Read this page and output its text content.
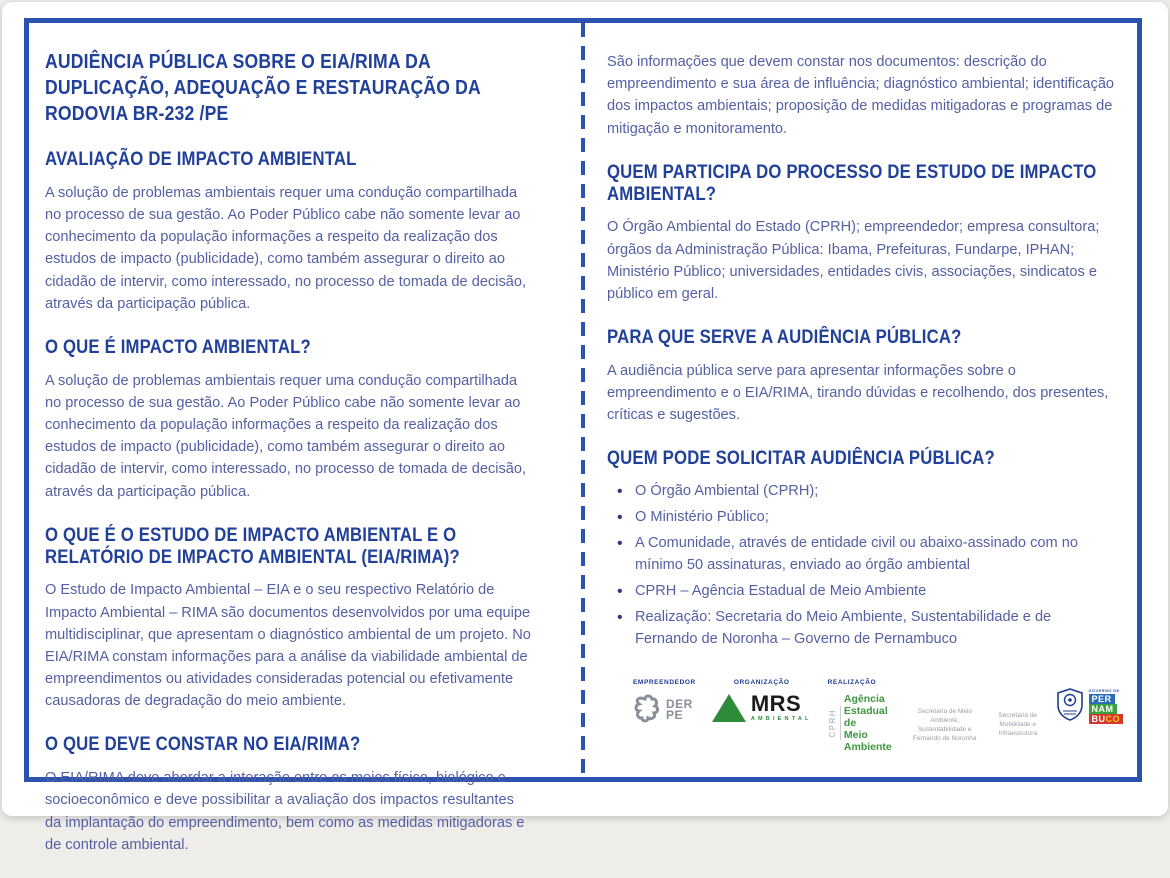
AUDIÊNCIA PÚBLICA SOBRE O EIA/RIMA DA DUPLICAÇÃO, ADEQUAÇÃO E RESTAURAÇÃO DA RODOVIA BR-232 /PE
AVALIAÇÃO DE IMPACTO AMBIENTAL

A solução de problemas ambientais requer uma condução compartilhada no processo de sua gestão. Ao Poder Público cabe não somente levar ao conhecimento da população informações a respeito da realização dos estudos de impacto (publicidade), como também assegurar o direito ao cidadão de intervir, como interessado, no processo de tomada de decisão, através da participação pública.

O QUE É IMPACTO AMBIENTAL?

A solução de problemas ambientais requer uma condução compartilhada no processo de sua gestão. Ao Poder Público cabe não somente levar ao conhecimento da população informações a respeito da realização dos estudos de impacto (publicidade), como também assegurar o direito ao cidadão de intervir, como interessado, no processo de tomada de decisão, através da participação pública.

O QUE É O ESTUDO DE IMPACTO AMBIENTAL E O RELATÓRIO DE IMPACTO AMBIENTAL (EIA/RIMA)?

O Estudo de Impacto Ambiental – EIA e o seu respectivo Relatório de Impacto Ambiental – RIMA são documentos desenvolvidos por uma equipe multidisciplinar, que apresentam o diagnóstico ambiental de um projeto. No EIA/RIMA constam informações para a análise da viabilidade ambiental de empreendimentos ou atividades consideradas potencial ou efetivamente causadoras de degradação do meio ambiente.

O QUE DEVE CONSTAR NO EIA/RIMA?

O EIA/RIMA deve abordar a interação entre os meios físico, biológico e socioeconômico e deve possibilitar a avaliação dos impactos resultantes da implantação do empreendimento, bem como as medidas mitigadoras e de controle ambiental.

São informações que devem constar nos documentos: descrição do empreendimento e sua área de influência; diagnóstico ambiental; identificação dos impactos ambientais; proposição de medidas mitigadoras e programas de mitigação e monitoramento.

QUEM PARTICIPA DO PROCESSO DE ESTUDO DE IMPACTO AMBIENTAL?

O Órgão Ambiental do Estado (CPRH); empreendedor; empresa consultora; órgãos da Administração Pública: Ibama, Prefeituras, Fundarpe, IPHAN; Ministério Público; universidades, entidades civis, associações, sindicatos e público em geral.

PARA QUE SERVE A AUDIÊNCIA PÚBLICA?

A audiência pública serve para apresentar informações sobre o empreendimento e o EIA/RIMA, tirando dúvidas e recolhendo, dos presentes, críticas e sugestões.

QUEM PODE SOLICITAR AUDIÊNCIA PÚBLICA?
• O Órgão Ambiental (CPRH);
• O Ministério Público;
• A Comunidade, através de entidade civil ou abaixo-assinado com no mínimo 50 assinaturas, enviado ao órgão ambiental
• CPRH – Agência Estadual de Meio Ambiente
• Realização: Secretaria do Meio Ambiente, Sustentabilidade e de Fernando de Noronha – Governo de Pernambuco
EMPREENDEDOR
DER
PE
ORGANIZAÇÃO
MRS
AMBIENTAL
REALIZAÇÃO
CPRH
Agência
Estadual de
Meio Ambiente
Secretaria de Meio Ambiente, Sustentabilidade e Fernando de Noronha
Secretaria de Mobilidade e Infraestrutura
GOVERNO DE
PER
NAM
BUCO
